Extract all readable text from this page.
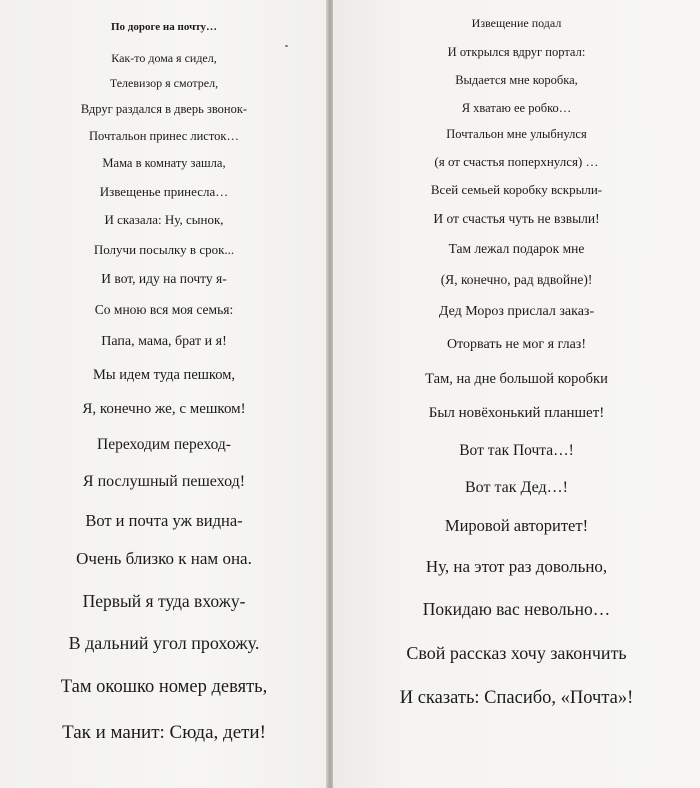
По дороге на почту…
Как-то дома я сидел,
Телевизор я смотрел,
Вдруг раздался в дверь звонок-
Почтальон принес листок…
Мама в комнату зашла,
Извещенье принесла…
И сказала: Ну, сынок,
Получи посылку в срок...
И вот, иду на почту я-
Со мною вся моя семья:
Папа, мама, брат и я!
Мы идем туда пешком,
Я, конечно же, с мешком!
Переходим переход-
Я послушный пешеход!
Вот и почта уж видна-
Очень близко к нам она.
Первый я туда вхожу-
В дальний угол прохожу.
Там окошко номер девять,
Так и манит: Сюда, дети!
Извещение подал
И открылся вдруг портал:
Выдается мне коробка,
Я хватаю ее робко…
Почтальон мне улыбнулся
(я от счастья поперхнулся) …
Всей семьей коробку вскрыли-
И от счастья чуть не взвыли!
Там лежал подарок мне
(Я, конечно, рад вдвойне)!
Дед Мороз прислал заказ-
Оторвать не мог я глаз!
Там, на дне большой коробки
Был новёхонький планшет!
Вот так Почта…!
Вот так Дед…!
Мировой авторитет!
Ну, на этот раз довольно,
Покидаю вас невольно…
Свой рассказ хочу закончить
И сказать: Спасибо, «Почта»!
